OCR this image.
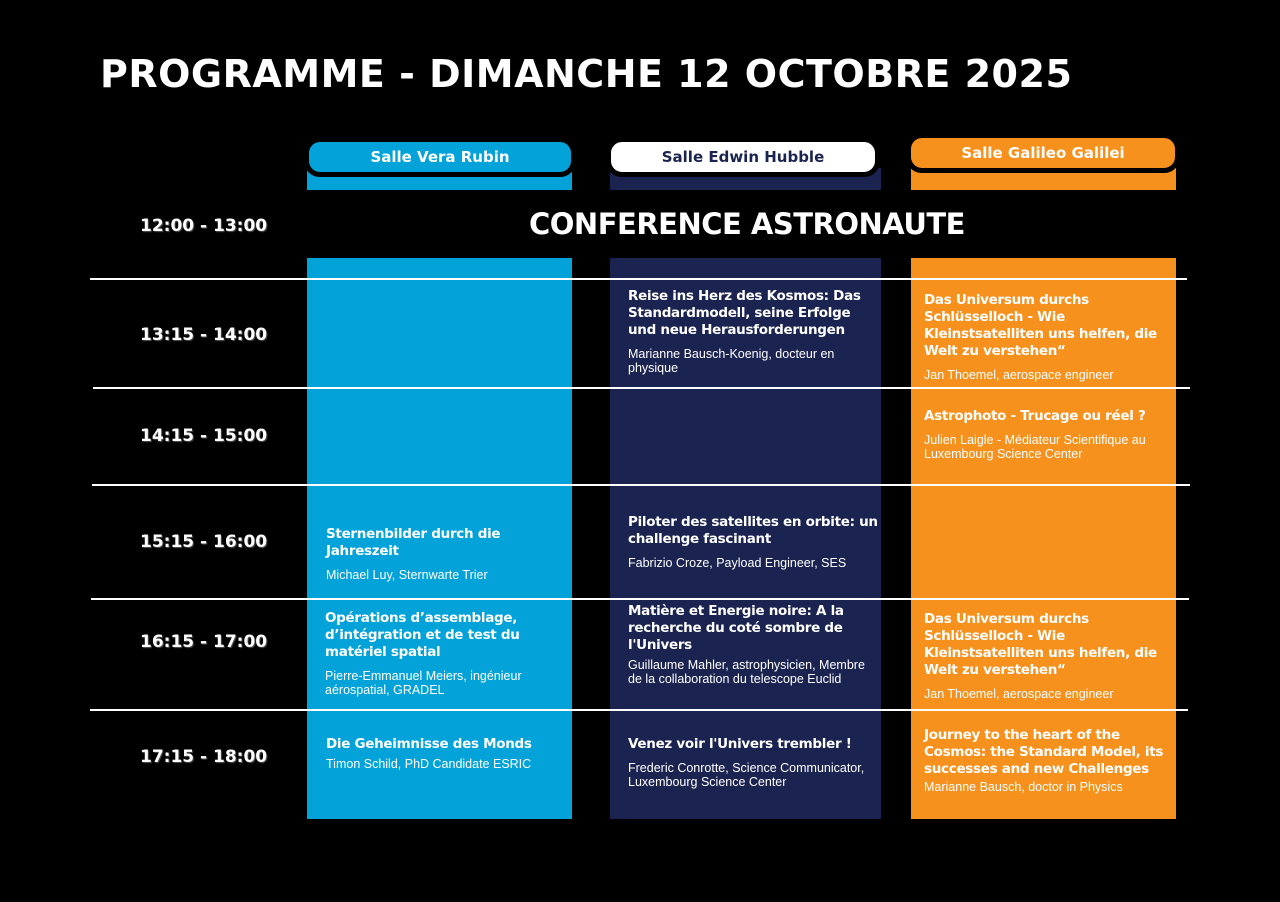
PROGRAMME - DIMANCHE 12 OCTOBRE 2025
Salle Vera Rubin	Salle Edwin Hubble	Salle Galileo Galilei
CONFERENCE ASTRONAUTE
12:00 - 13:00
13:15 - 14:00
14:15 - 15:00
15:15 - 16:00
16:15 - 17:00
17:15 - 18:00
Reise ins Herz des Kosmos: Das Standardmodell, seine Erfolge und neue Herausforderungen
Marianne Bausch-Koenig, docteur en physique
Das Universum durchs Schlüsselloch - Wie Kleinstsatelliten uns helfen, die Welt zu verstehen“
Jan Thoemel, aerospace engineer
Astrophoto - Trucage ou réel ?
Julien Laigle - Médiateur Scientifique au Luxembourg Science Center
Sternenbilder durch die Jahreszeit
Michael Luy, Sternwarte Trier
Piloter des satellites en orbite: un challenge fascinant
Fabrizio Croze, Payload Engineer, SES
Opérations d’assemblage, d’intégration et de test du matériel spatial
Pierre-Emmanuel Meiers, ingénieur aérospatial, GRADEL
Matière et Energie noire: A la recherche du coté sombre de l'Univers
Guillaume Mahler, astrophysicien, Membre de la collaboration du telescope Euclid
Das Universum durchs Schlüsselloch - Wie Kleinstsatelliten uns helfen, die Welt zu verstehen“
Jan Thoemel, aerospace engineer
Die Geheimnisse des Monds
Timon Schild, PhD Candidate ESRIC
Venez voir l'Univers trembler !
Frederic Conrotte, Science Communicator, Luxembourg Science Center
Journey to the heart of the Cosmos: the Standard Model, its successes and new Challenges
Marianne Bausch, doctor in Physics
